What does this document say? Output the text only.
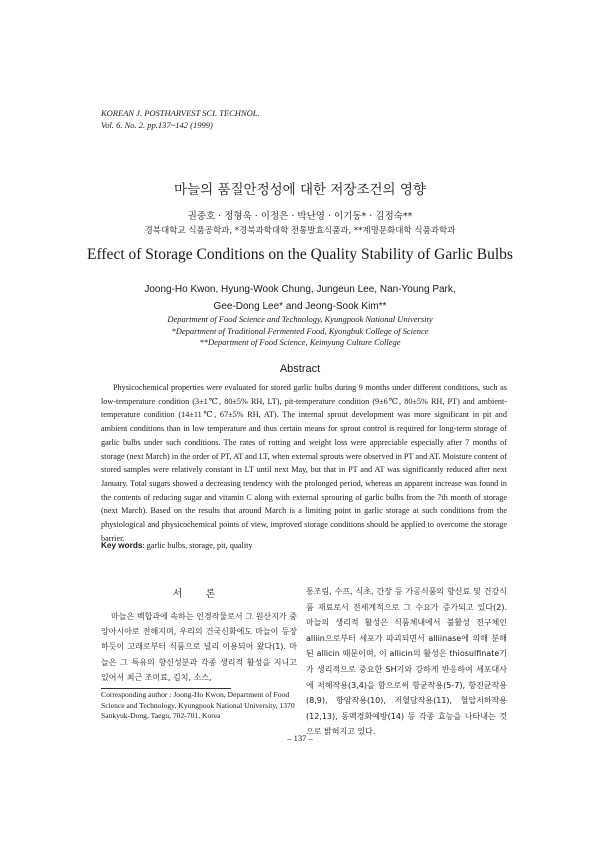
KOREAN J. POSTHARVEST SCI. TECHNOL.
Vol. 6. No. 2. pp.137~142 (1999)
마늘의 품질안정성에 대한 저장조건의 영향
권중호 · 정형욱 · 이정은 · 박난영 · 이기동* · 김정숙**
경북대학교 식품공학과, *경북과학대학 전통발효식품과, **계명문화대학 식품과학과
Effect of Storage Conditions on the Quality Stability of Garlic Bulbs
Joong-Ho Kwon, Hyung-Wook Chung, Jungeun Lee, Nan-Young Park,
Gee-Dong Lee* and Jeong-Sook Kim**
Department of Food Science and Technology, Kyungpook National University
*Department of Traditional Fermented Food, Kyongbuk College of Science
**Department of Food Science, Keimyung Culture College
Abstract

Physicochemical properties were evaluated for stored garlic bulbs during 9 months under different conditions, such as low-temperature condition (3±1℃, 80±5% RH, LT), pit-temperature condition (9±6℃, 80±5% RH, PT) and ambient-temperature condition (14±11℃, 67±5% RH, AT). The internal sprout development was more significant in pit and ambient conditions than in low temperature and thus certain means for sprout control is required for long-term storage of garlic bulbs under such conditions. The rates of rotting and weight loss were appreciable especially after 7 months of storage (next March) in the order of PT, AT and LT, when external sprouts were observed in PT and AT. Moisture content of stored samples were relatively constant in LT until next May, but that in PT and AT was significantly reduced after next January. Total sugars showed a decreasing tendency with the prolonged period, whereas an apparent increase was found in the contents of reducing sugar and vitamin C along with external sprouring of garlic bulbs from the 7th month of storage (next March). Based on the results that around March is a limiting point in garlic storage at such conditions from the physiological and physicochemical points of view, improved storage conditions should be applied to overcome the storage barrier.

Key words: garlic bulbs, storage, pit, quality
서 론

마늘은 백합과에 속하는 인경작물로서 그 원산지가 중앙아시아로 전해지며, 우리의 건국신화에도 마늘이 등장하듯이 고래로부터 식품으로 널리 이용되어 왔다(1). 마늘은 그 특유의 향신성분과 각종 생리적 활성을 지니고 있어서 최근 조미료, 김치, 소스,

통조림, 수프, 식초, 간장 등 가공식품의 향신료 및 건강식품 재료로서 전세계적으로 그 수요가 증가되고 있다(2). 마늘의 생리적 활성은 식품체내에서 불활성 전구체인 alliin으로부터 세포가 파괴되면서 alliinase에 의해 분해된 allicin 때문이며, 이 allicin의 활성은 thiosulfinate기가 생리적으로 중요한 SH기와 강하게 반응하여 세포대사에 저해작용(3,4)을 함으로써 항균작용(5-7), 항진균작용(8,9), 항암작용(10), 저혈당작용(11), 혈압저하작용(12,13), 동맥경화예방(14) 등 각종 효능을 나타내는 것으로 밝혀지고 있다.

Corresponding author : Joong-Ho Kwon, Department of Food Science and Technology, Kyungpook National University, 1370 Sankyuk-Dong, Taegu, 702-701, Korea
– 137 –
